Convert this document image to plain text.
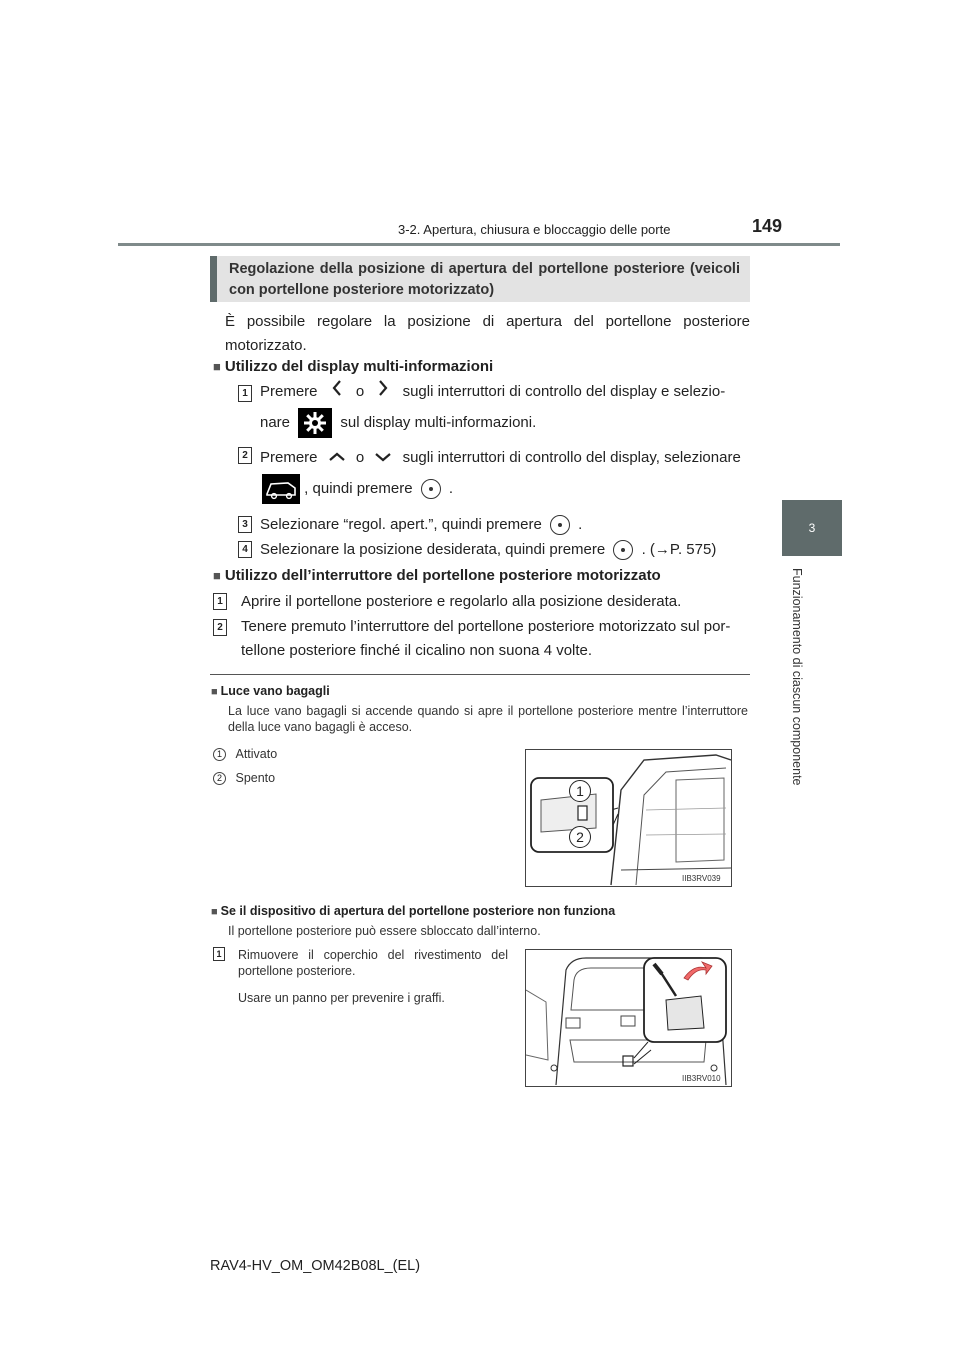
3-2. Apertura, chiusura e bloccaggio delle porte	149
3
Funzionamento di ciascun componente
Regolazione della posizione di apertura del portellone posteriore (veicoli con portellone posteriore motorizzato)
È possibile regolare la posizione di apertura del portellone posteriore motorizzato.
■ Utilizzo del display multi-informazioni
1 Premere	o	sugli interruttori di controllo del display e selezio-
nare	sul display multi-informazioni.
2 Premere	o	sugli interruttori di controllo del display, selezionare
, quindi premere .
3 Selezionare “regol. apert.”, quindi premere .
4 Selezionare la posizione desiderata, quindi premere . (→P. 575)
■ Utilizzo dell’interruttore del portellone posteriore motorizzato
1 Aprire il portellone posteriore e regolarlo alla posizione desiderata.
2 Tenere premuto l’interruttore del portellone posteriore motorizzato sul por-
tellone posteriore finché il cicalino non suona 4 volte.
■ Luce vano bagagli
La luce vano bagagli si accende quando si apre il portellone posteriore mentre l’interruttore della luce vano bagagli è acceso.
1 Attivato
2 Spento
1
2
IIB3RV039
■ Se il dispositivo di apertura del portellone posteriore non funziona
Il portellone posteriore può essere sbloccato dall’interno.
1 Rimuovere il coperchio del rivestimento del portellone posteriore.
Usare un panno per prevenire i graffi.
IIB3RV010
RAV4-HV_OM_OM42B08L_(EL)
